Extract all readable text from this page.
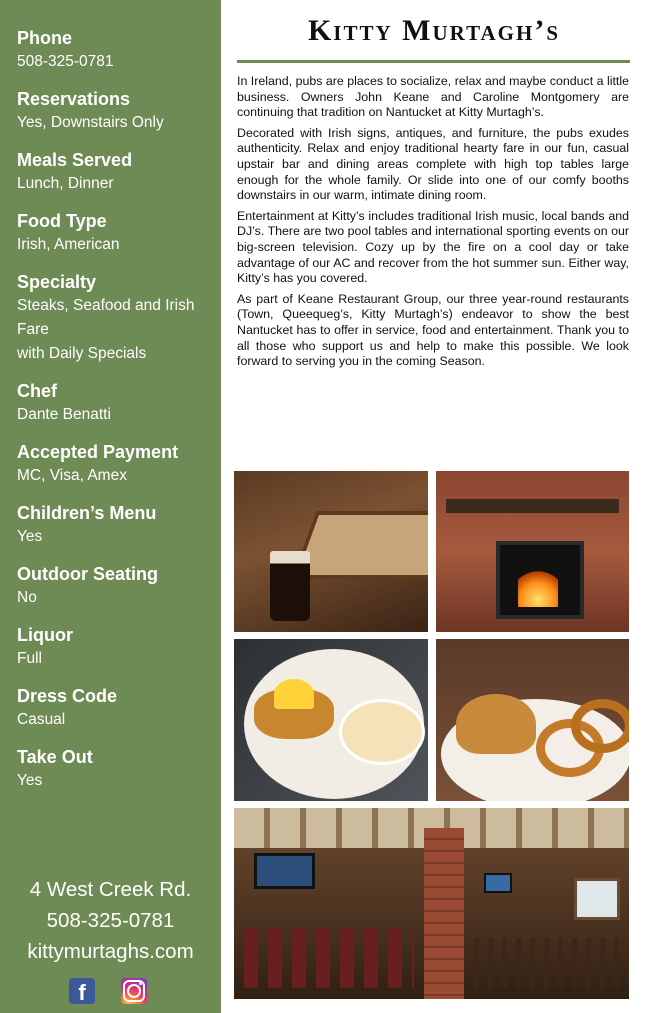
Phone
508-325-0781
Reservations
Yes, Downstairs Only
Meals Served
Lunch, Dinner
Food Type
Irish, American
Specialty
Steaks, Seafood and Irish Fare
with Daily Specials
Chef
Dante Benatti
Accepted Payment
MC, Visa, Amex
Children’s Menu
Yes
Outdoor Seating
No
Liquor
Full
Dress Code
Casual
Take Out
Yes
4 West Creek Rd.
508-325-0781
kittymurtaghs.com
f
Kitty Murtagh’s

In Ireland, pubs are places to socialize, relax and maybe conduct a little business. Owners John Keane and Caroline Montgomery are continuing that tradition on Nantucket at Kitty Murtagh’s.

Decorated with Irish signs, antiques, and furniture, the pubs exudes authenticity. Relax and enjoy traditional hearty fare in our fun, casual upstair bar and dining areas complete with high top tables large enough for the whole family. Or slide into one of our comfy booths downstairs in our warm, intimate dining room.

Entertainment at Kitty’s includes traditional Irish music, local bands and DJ’s. There are two pool tables and international sporting events on our big-screen television. Cozy up by the fire on a cool day or take advantage of our AC and recover from the hot summer sun. Either way, Kitty’s has you covered.

As part of Keane Restaurant Group, our three year-round restaurants (Town, Queequeg’s, Kitty Murtagh’s) endeavor to show the best Nantucket has to offer in service, food and entertainment. Thank you to all those who support us and help to make this possible. We look forward to serving you in the coming Season.
